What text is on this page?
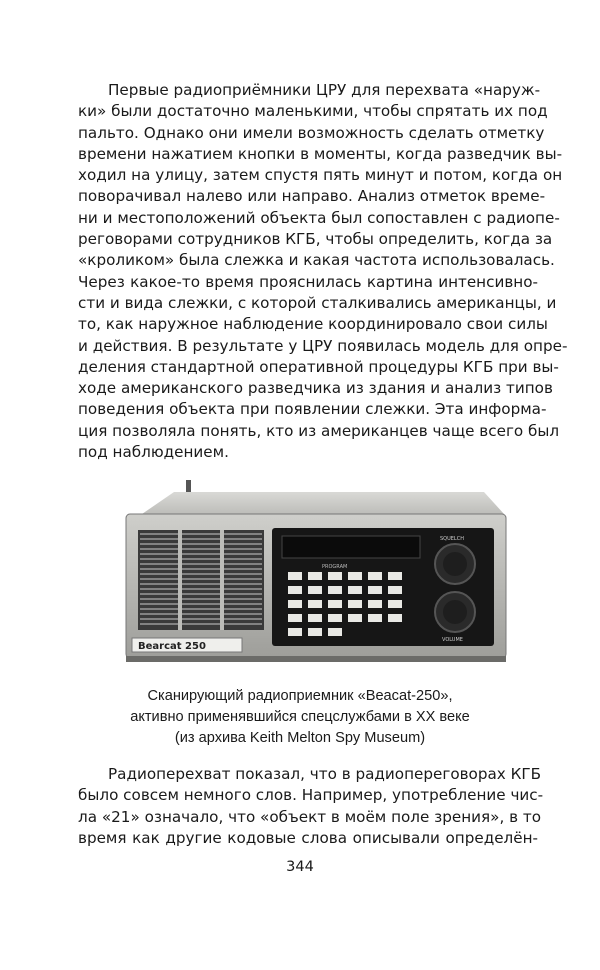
Первые радиоприёмники ЦРУ для перехвата «наруж-
ки» были достаточно маленькими, чтобы спрятать их под
пальто. Однако они имели возможность сделать отметку
времени нажатием кнопки в моменты, когда разведчик вы-
ходил на улицу, затем спустя пять минут и потом, когда он
поворачивал налево или направо. Анализ отметок време-
ни и местоположений объекта был сопоставлен с радиопе-
реговорами сотрудников КГБ, чтобы определить, когда за
«кроликом» была слежка и какая частота использовалась.
Через какое-то время прояснилась картина интенсивно-
сти и вида слежки, с которой сталкивались американцы, и
то, как наружное наблюдение координировало свои силы
и действия. В результате у ЦРУ появилась модель для опре-
деления стандартной оперативной процедуры КГБ при вы-
ходе американского разведчика из здания и анализ типов
поведения объекта при появлении слежки. Эта информа-
ция позволяла понять, кто из американцев чаще всего был
под наблюдением.

Bearcat 250
PROGRAM
SQUELCH
VOLUME
Сканирующий радиоприемник «Beacat-250»,
активно применявшийся спецслужбами в ХХ веке
(из архива Keith Melton Spy Museum)

Радиоперехват показал, что в радиопереговорах КГБ
было совсем немного слов. Например, употребление чис-
ла «21» означало, что «объект в моём поле зрения», в то
время как другие кодовые слова описывали определён-

344
